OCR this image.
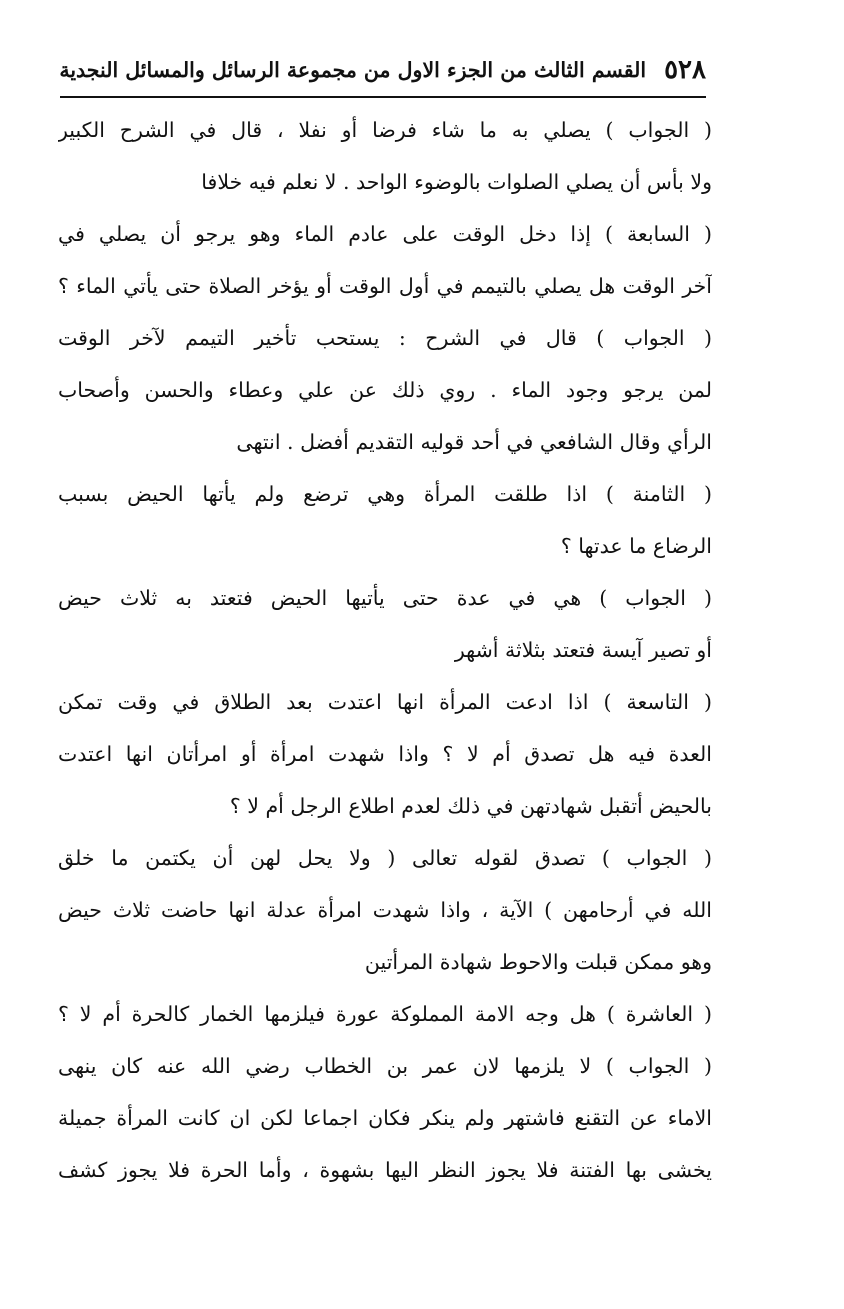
٥٢٨
القسم الثالث من الجزء الاول من مجموعة الرسائل والمسائل النجدية
( الجواب ) يصلي به ما شاء فرضا أو نفلا ، قال في الشرح الكبير
ولا بأس أن يصلي الصلوات بالوضوء الواحد . لا نعلم فيه خلافا
( السابعة ) إذا دخل الوقت على عادم الماء وهو يرجو أن يصلي في
آخر الوقت هل يصلي بالتيمم في أول الوقت أو يؤخر الصلاة حتى يأتي الماء ؟
( الجواب ) قال في الشرح : يستحب تأخير التيمم لآخر الوقت
لمن يرجو وجود الماء . روي ذلك عن علي وعطاء والحسن وأصحاب
الرأي وقال الشافعي في أحد قوليه التقديم أفضل . انتهى
( الثامنة ) اذا طلقت المرأة وهي ترضع ولم يأتها الحيض بسبب
الرضاع ما عدتها ؟
( الجواب ) هي في عدة حتى يأتيها الحيض فتعتد به ثلاث حيض
أو تصير آيسة فتعتد بثلاثة أشهر
( التاسعة ) اذا ادعت المرأة انها اعتدت بعد الطلاق في وقت تمكن
العدة فيه هل تصدق أم لا ؟ واذا شهدت امرأة أو امرأتان انها اعتدت
بالحيض أتقبل شهادتهن في ذلك لعدم اطلاع الرجل أم لا ؟
( الجواب ) تصدق لقوله تعالى ( ولا يحل لهن أن يكتمن ما خلق
الله في أرحامهن ) الآية ، واذا شهدت امرأة عدلة انها حاضت ثلاث حيض
وهو ممكن قبلت والاحوط شهادة المرأتين
( العاشرة ) هل وجه الامة المملوكة عورة فيلزمها الخمار كالحرة أم لا ؟
( الجواب ) لا يلزمها لان عمر بن الخطاب رضي الله عنه كان ينهى
الاماء عن التقنع فاشتهر ولم ينكر فكان اجماعا لكن ان كانت المرأة جميلة
يخشى بها الفتنة فلا يجوز النظر اليها بشهوة ، وأما الحرة فلا يجوز كشف
